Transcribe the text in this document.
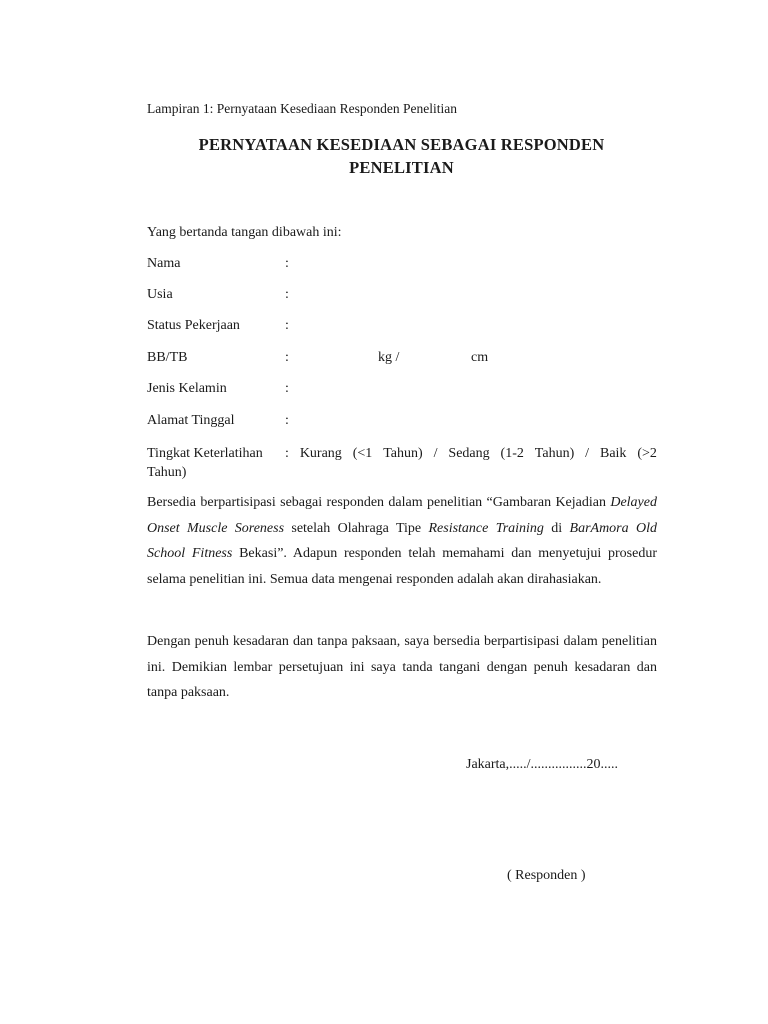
Lampiran 1: Pernyataan Kesediaan Responden Penelitian
PERNYATAAN KESEDIAAN SEBAGAI RESPONDEN PENELITIAN
Yang bertanda tangan dibawah ini:
Nama	:
Usia	:
Status Pekerjaan	:
BB/TB	:	kg /	cm
Jenis Kelamin	:
Alamat Tinggal	:
Tingkat Keterlatihan	: Kurang (<1 Tahun) / Sedang (1-2 Tahun) / Baik (>2
Tahun)
Bersedia berpartisipasi sebagai responden dalam penelitian “Gambaran Kejadian Delayed Onset Muscle Soreness setelah Olahraga Tipe Resistance Training di BarAmora Old School Fitness Bekasi”. Adapun responden telah memahami dan menyetujui prosedur selama penelitian ini. Semua data mengenai responden adalah akan dirahasiakan.
Dengan penuh kesadaran dan tanpa paksaan, saya bersedia berpartisipasi dalam penelitian ini. Demikian lembar persetujuan ini saya tanda tangani dengan penuh kesadaran dan tanpa paksaan.
Jakarta,...../................20.....
( Responden )
